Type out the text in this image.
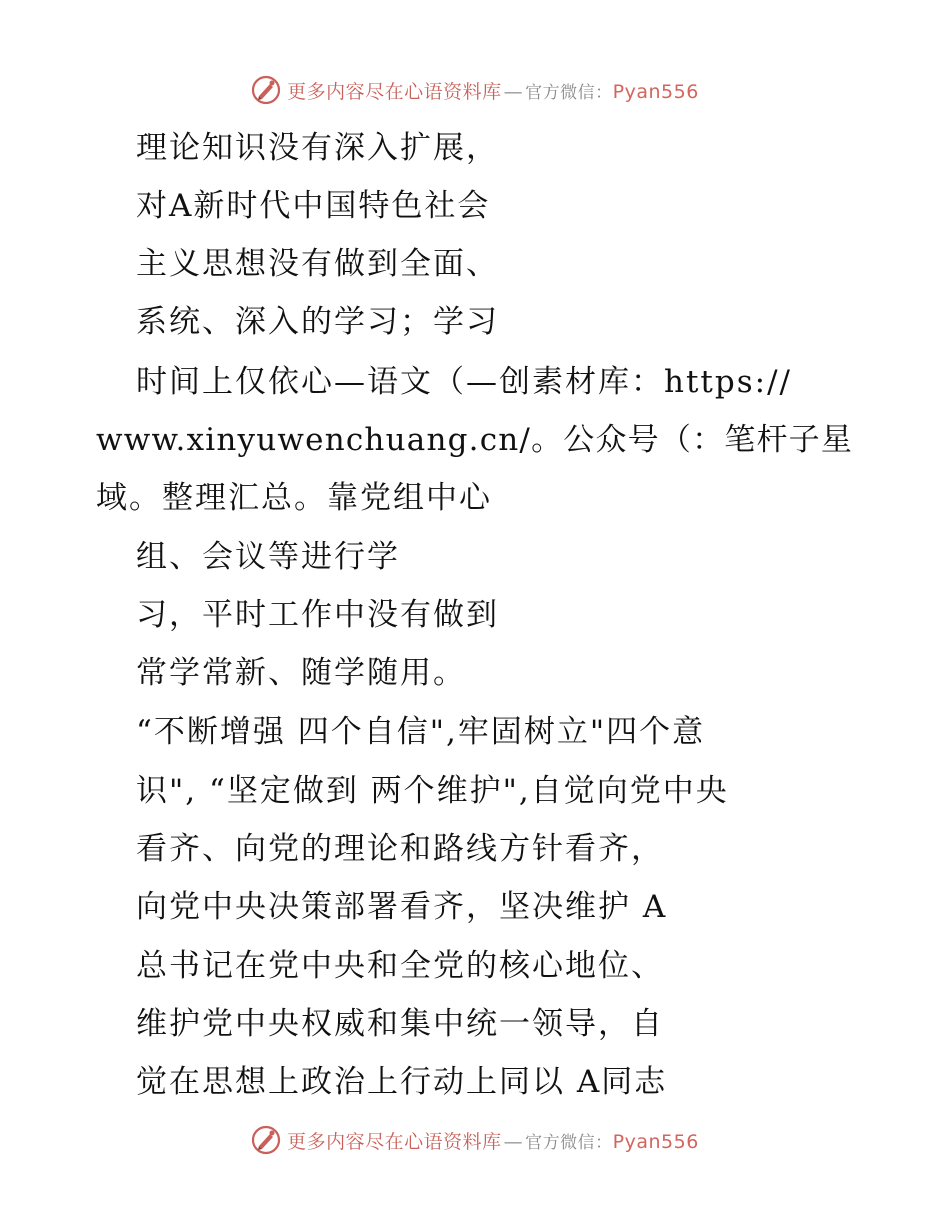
更多内容尽在心语资料库 — 官方微信：Pyan556
理论知识没有深入扩展，
对A新时代中国特色社会
主义思想没有做到全面、
系统、深入的学习；学习
时间上仅依心—语文（—创素材库：https://
www.xinyuwenchuang.cn/。公众号（：笔杆子星
域。整理汇总。靠党组中心
组、会议等进行学
习，平时工作中没有做到
常学常新、随学随用。
“不断增强 四个自信",牢固树立"四个意
识", “坚定做到 两个维护",自觉向党中央
看齐、向党的理论和路线方针看齐，
向党中央决策部署看齐，坚决维护 A
总书记在党中央和全党的核心地位、
维护党中央权威和集中统一领导，自
觉在思想上政治上行动上同以 A同志
更多内容尽在心语资料库 — 官方微信：Pyan556
